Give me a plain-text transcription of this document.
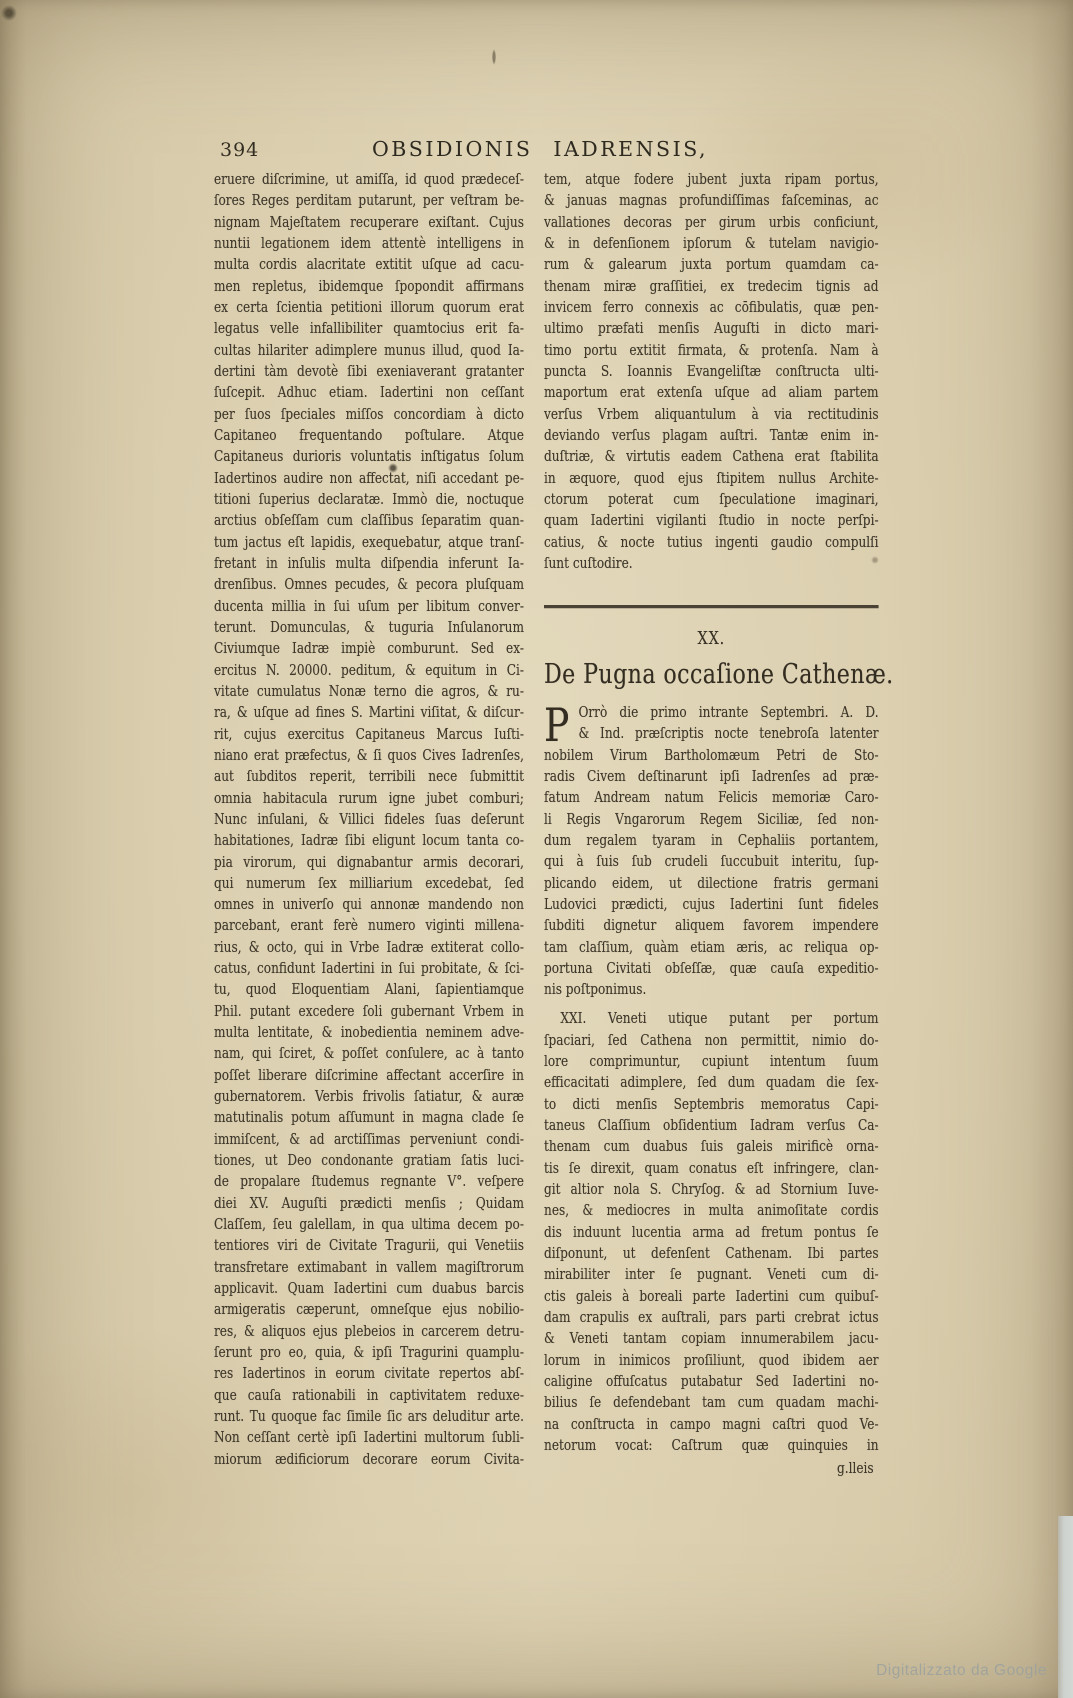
394	OBSIDIONIS IADRENSIS,
eruere diſcrimine, ut amiſſa, id quod prædeceſ-
ſores Reges perditam putarunt, per veſtram be-
nignam Majeſtatem recuperare exiſtant. Cujus
nuntii legationem idem attentè intelligens in
multa cordis alacritate extitit uſque ad cacu-
men repletus, ibidemque ſpopondit affirmans
ex certa ſcientia petitioni illorum quorum erat
legatus velle infallibiliter quamtocius erit fa-
cultas hilariter adimplere munus illud, quod Ia-
dertini tàm devotè ſibi exeniaverant gratanter
ſuſcepit. Adhuc etiam. Iadertini non ceſſant
per ſuos ſpeciales miſſos concordiam à dicto
Capitaneo frequentando poſtulare. Atque
Capitaneus durioris voluntatis inſtigatus ſolum
Iadertinos audire non affectat, niſi accedant pe-
titioni ſuperius declaratæ. Immò die, noctuque
arctius obſeſſam cum claſſibus ſeparatim quan-
tum jactus eſt lapidis, exequebatur, atque tranſ-
fretant in inſulis multa diſpendia inferunt Ia-
drenſibus. Omnes pecudes, & pecora pluſquam
ducenta millia in ſui uſum per libitum conver-
terunt. Domunculas, & tuguria Inſulanorum
Civiumque Iadræ impiè comburunt. Sed ex-
ercitus N. 20000. peditum, & equitum in Ci-
vitate cumulatus Nonæ terno die agros, & ru-
ra, & uſque ad fines S. Martini viſitat, & diſcur-
rit, cujus exercitus Capitaneus Marcus Iuſti-
niano erat præfectus, & ſi quos Cives Iadrenſes,
aut ſubditos reperit, terribili nece ſubmittit
omnia habitacula rurum igne jubet comburi;
Nunc inſulani, & Villici fideles ſuas deſerunt
habitationes, Iadræ ſibi eligunt locum tanta co-
pia virorum, qui dignabantur armis decorari,
qui numerum ſex milliarium excedebat, ſed
omnes in univerſo qui annonæ mandendo non
parcebant, erant ferè numero viginti millena-
rius, & octo, qui in Vrbe Iadræ extiterat collo-
catus, confidunt Iadertini in ſui probitate, & ſci-
tu, quod Eloquentiam Alani, ſapientiamque
Phil. putant excedere ſoli gubernant Vrbem in
multa lentitate, & inobedientia neminem adve-
nam, qui ſciret, & poſſet conſulere, ac à tanto
poſſet liberare diſcrimine affectant accerſire in
gubernatorem. Verbis frivolis ſatiatur, & auræ
matutinalis potum aſſumunt in magna clade ſe
immiſcent, & ad arctiſſimas perveniunt condi-
tiones, ut Deo condonante gratiam ſatis luci-
de propalare ſtudemus regnante V°. veſpere
diei XV. Auguſti prædicti menſis ; Quidam
Claſſem, ſeu galellam, in qua ultima decem po-
tentiores viri de Civitate Tragurii, qui Venetiis
transfretare extimabant in vallem magiſtrorum
applicavit. Quam Iadertini cum duabus barcis
armigeratis cæperunt, omneſque ejus nobilio-
res, & aliquos ejus plebeios in carcerem detru-
ſerunt pro eo, quia, & ipſi Tragurini quamplu-
res Iadertinos in eorum civitate repertos abſ-
que cauſa rationabili in captivitatem reduxe-
runt. Tu quoque fac ſimile ſic ars deluditur arte.
Non ceſſant certè ipſi Iadertini multorum ſubli-
miorum ædificiorum decorare eorum Civita-
tem, atque fodere jubent juxta ripam portus,
& januas magnas profundiſſimas faſceminas, ac
vallationes decoras per girum urbis conficiunt,
& in defenſionem ipſorum & tutelam navigio-
rum & galearum juxta portum quamdam ca-
thenam miræ graſſitiei, ex tredecim tignis ad
invicem ferro connexis ac cōfibulatis, quæ pen-
ultimo præfati menſis Auguſti in dicto mari-
timo portu extitit firmata, & protenſa. Nam à
puncta S. Ioannis Evangeliſtæ conſtructa ulti-
maportum erat extenſa uſque ad aliam partem
verſus Vrbem aliquantulum à via rectitudinis
deviando verſus plagam auſtri. Tantæ enim in-
duſtriæ, & virtutis eadem Cathena erat ſtabilita
in æquore, quod ejus ſtipitem nullus Archite-
ctorum poterat cum ſpeculatione imaginari,
quam Iadertini vigilanti ſtudio in nocte perſpi-
catius, & nocte tutius ingenti gaudio compulſi
ſunt cuſtodire.
XX.
De Pugna occaſione Cathenæ.
P Orrò die primo intrante Septembri. A. D.
& Ind. præſcriptis nocte tenebroſa latenter
nobilem Virum Bartholomæum Petri de Sto-
radis Civem deſtinarunt ipſi Iadrenſes ad præ-
fatum Andream natum Felicis memoriæ Caro-
li Regis Vngarorum Regem Siciliæ, ſed non-
dum regalem tyaram in Cephaliis portantem,
qui à ſuis ſub crudeli ſuccubuit interitu, ſup-
plicando eidem, ut dilectione fratris germani
Ludovici prædicti, cujus Iadertini ſunt fideles
ſubditi dignetur aliquem favorem impendere
tam claſſium, quàm etiam æris, ac reliqua op-
portuna Civitati obſeſſæ, quæ cauſa expeditio-
nis poſtponimus.
XXI. Veneti utique putant per portum
ſpaciari, ſed Cathena non permittit, nimio do-
lore comprimuntur, cupiunt intentum ſuum
efficacitati adimplere, ſed dum quadam die ſex-
to dicti menſis Septembris memoratus Capi-
taneus Claſſium obſidentium Iadram verſus Ca-
thenam cum duabus ſuis galeis mirificè orna-
tis ſe direxit, quam conatus eſt infringere, clan-
git altior nola S. Chryſog. & ad Stornium Iuve-
nes, & mediocres in multa animoſitate cordis
dis induunt lucentia arma ad fretum pontus ſe
diſponunt, ut defenſent Cathenam. Ibi partes
mirabiliter inter ſe pugnant. Veneti cum di-
ctis galeis à boreali parte Iadertini cum quibuſ-
dam crapulis ex auſtrali, pars parti crebrat ictus
& Veneti tantam copiam innumerabilem jacu-
lorum in inimicos proſiliunt, quod ibidem aer
caligine offuſcatus putabatur Sed Iadertini no-
bilius ſe defendebant tam cum quadam machi-
na conſtructa in campo magni caſtri quod Ve-
netorum vocat: Caſtrum quæ quinquies in
g.lleis
Digitalizzato da Google
